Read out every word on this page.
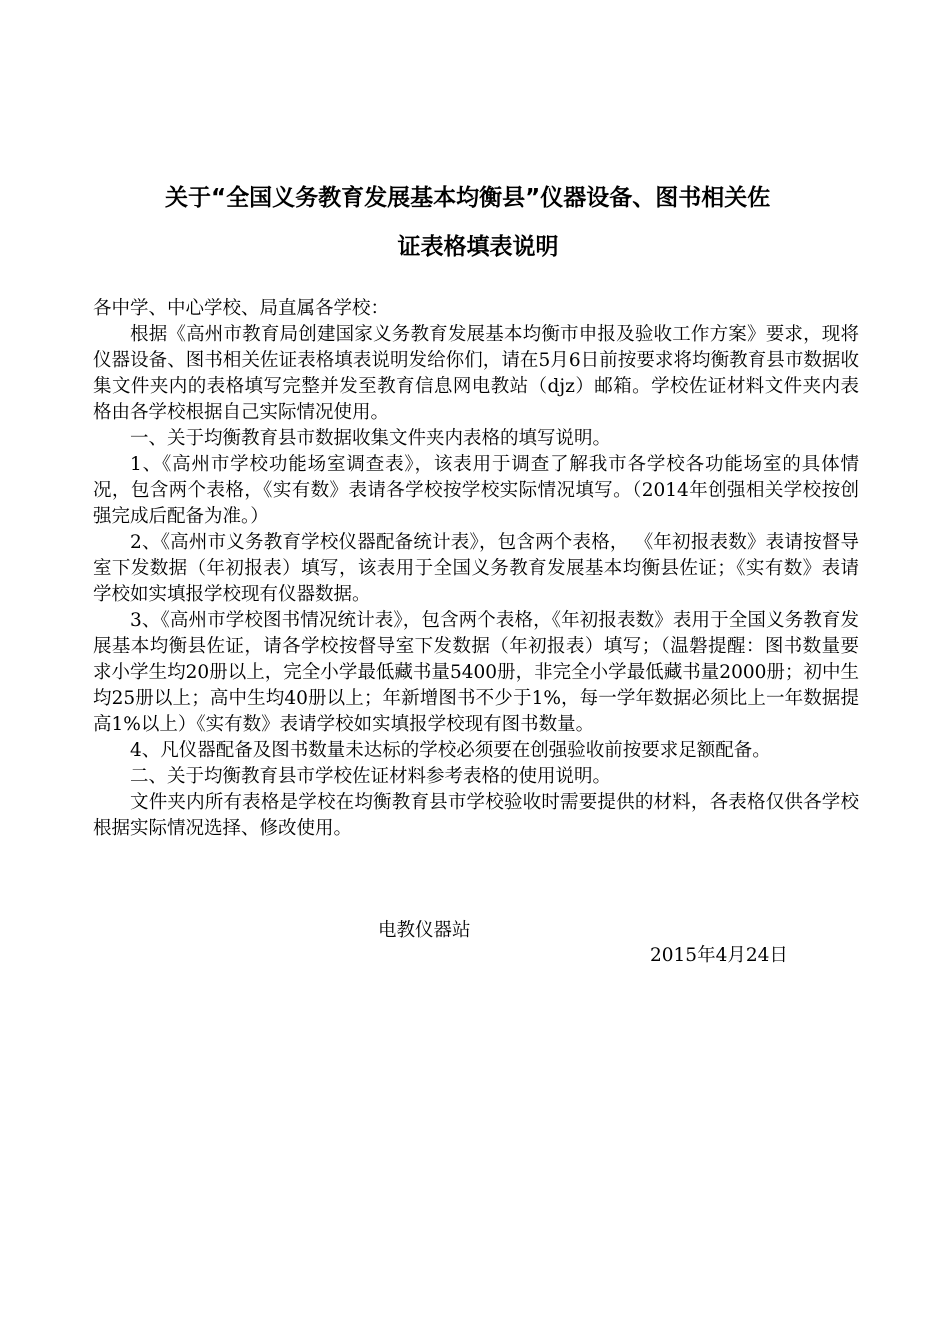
关于“全国义务教育发展基本均衡县”仪器设备、图书相关佐
证表格填表说明

各中学、中心学校、局直属各学校：

根据《高州市教育局创建国家义务教育发展基本均衡市申报及验收工作方案》要求，现将仪器设备、图书相关佐证表格填表说明发给你们，请在5月6日前按要求将均衡教育县市数据收集文件夹内的表格填写完整并发至教育信息网电教站（djz）邮箱。学校佐证材料文件夹内表格由各学校根据自己实际情况使用。

一、关于均衡教育县市数据收集文件夹内表格的填写说明。

1、《高州市学校功能场室调查表》，该表用于调查了解我市各学校各功能场室的具体情况，包含两个表格，《实有数》表请各学校按学校实际情况填写。（2014年创强相关学校按创强完成后配备为准。）

2、《高州市义务教育学校仪器配备统计表》，包含两个表格， 《年初报表数》表请按督导室下发数据（年初报表）填写，该表用于全国义务教育发展基本均衡县佐证；《实有数》表请学校如实填报学校现有仪器数据。

3、《高州市学校图书情况统计表》，包含两个表格，《年初报表数》表用于全国义务教育发展基本均衡县佐证，请各学校按督导室下发数据（年初报表）填写；（温磐提醒：图书数量要求小学生均20册以上，完全小学最低藏书量5400册，非完全小学最低藏书量2000册；初中生均25册以上；高中生均40册以上；年新增图书不少于1%，每一学年数据必须比上一年数据提高1%以上）《实有数》表请学校如实填报学校现有图书数量。

4、凡仪器配备及图书数量未达标的学校必须要在创强验收前按要求足额配备。

二、关于均衡教育县市学校佐证材料参考表格的使用说明。

文件夹内所有表格是学校在均衡教育县市学校验收时需要提供的材料，各表格仅供各学校根据实际情况选择、修改使用。

电教仪器站
2015年4月24日
